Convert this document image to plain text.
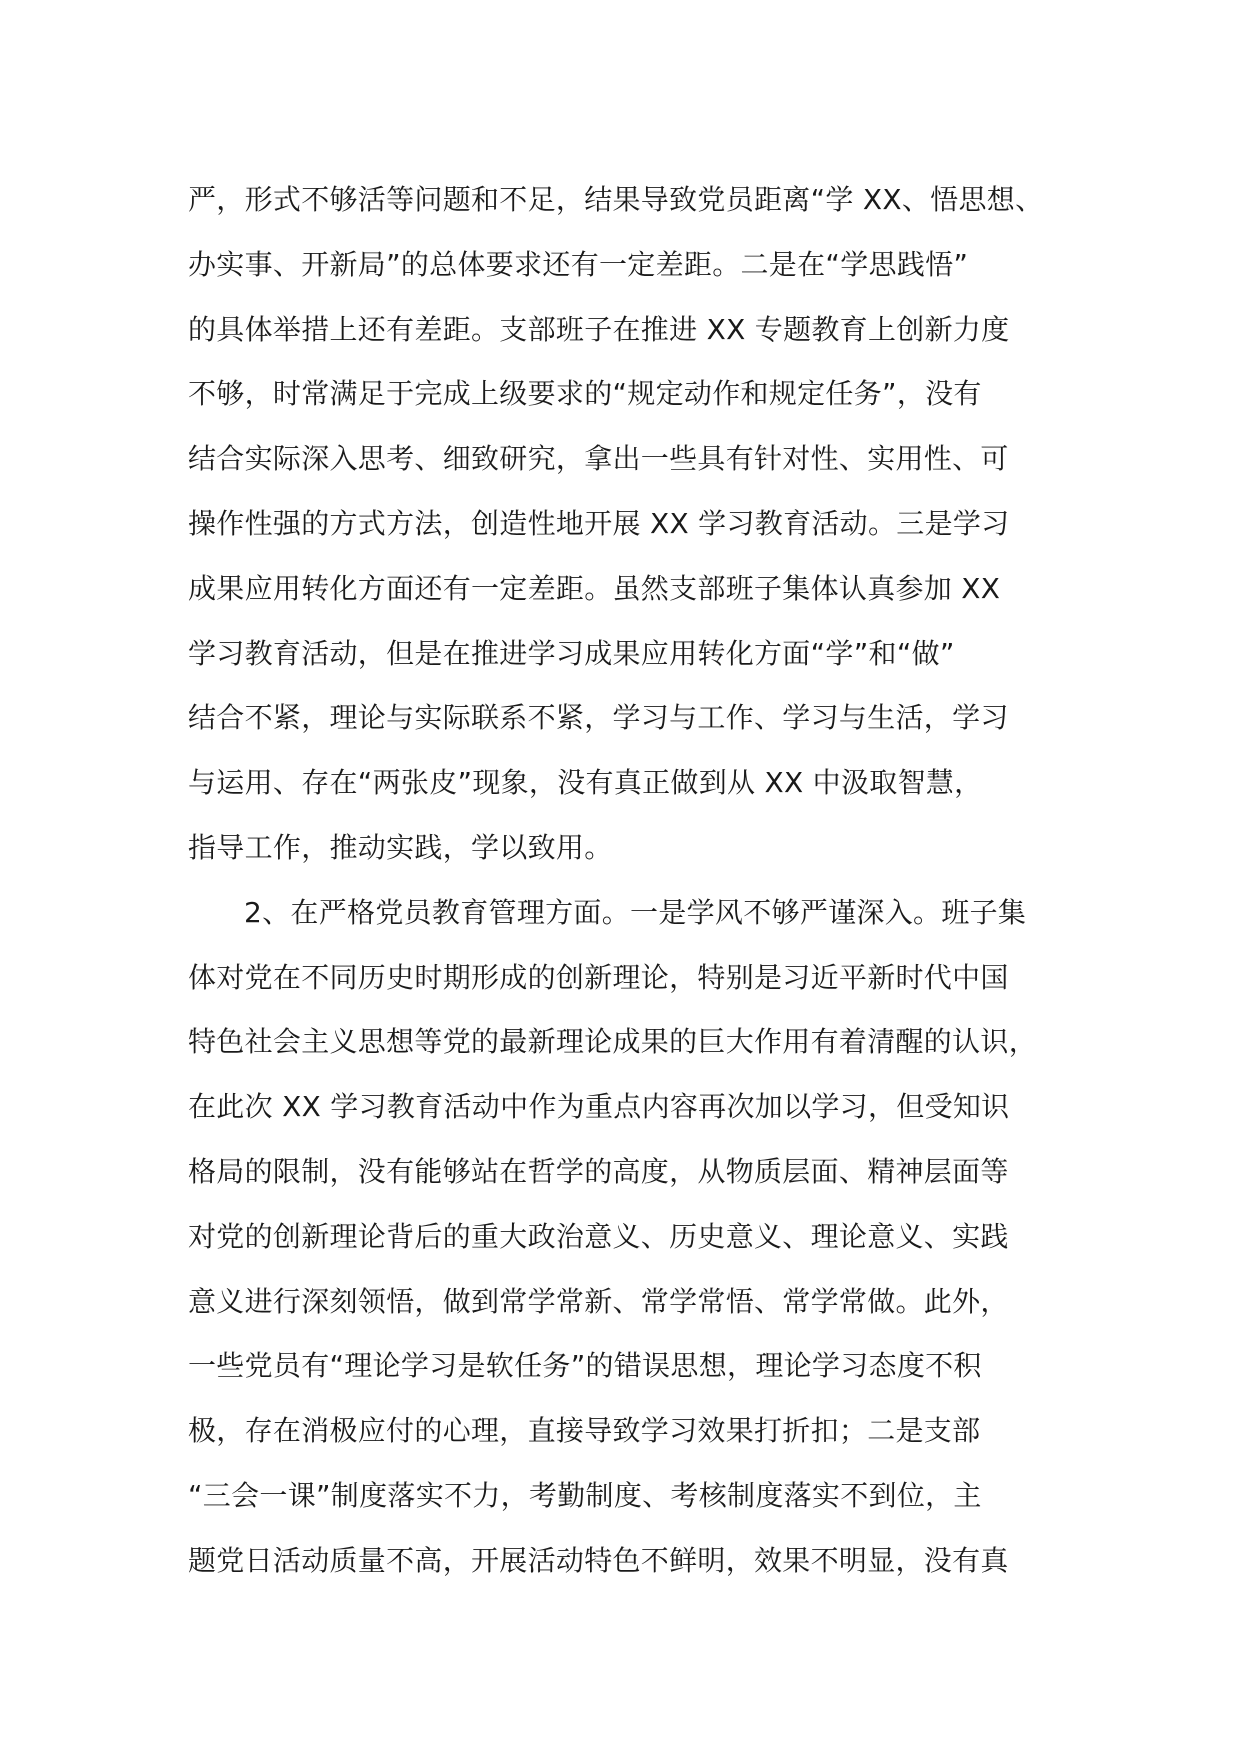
严，形式不够活等问题和不足，结果导致党员距离“学 XX、悟思想、
办实事、开新局”的总体要求还有一定差距。二是在“学思践悟”
的具体举措上还有差距。支部班子在推进 XX 专题教育上创新力度
不够，时常满足于完成上级要求的“规定动作和规定任务”，没有
结合实际深入思考、细致研究，拿出一些具有针对性、实用性、可
操作性强的方式方法，创造性地开展 XX 学习教育活动。三是学习
成果应用转化方面还有一定差距。虽然支部班子集体认真参加 XX
学习教育活动，但是在推进学习成果应用转化方面“学”和“做”
结合不紧，理论与实际联系不紧，学习与工作、学习与生活，学习
与运用、存在“两张皮”现象，没有真正做到从 XX 中汲取智慧，
指导工作，推动实践，学以致用。
2、在严格党员教育管理方面。一是学风不够严谨深入。班子集
体对党在不同历史时期形成的创新理论，特别是习近平新时代中国
特色社会主义思想等党的最新理论成果的巨大作用有着清醒的认识，
在此次 XX 学习教育活动中作为重点内容再次加以学习，但受知识
格局的限制，没有能够站在哲学的高度，从物质层面、精神层面等
对党的创新理论背后的重大政治意义、历史意义、理论意义、实践
意义进行深刻领悟，做到常学常新、常学常悟、常学常做。此外，
一些党员有“理论学习是软任务”的错误思想，理论学习态度不积
极，存在消极应付的心理，直接导致学习效果打折扣；二是支部
“三会一课”制度落实不力，考勤制度、考核制度落实不到位，主
题党日活动质量不高，开展活动特色不鲜明，效果不明显，没有真
